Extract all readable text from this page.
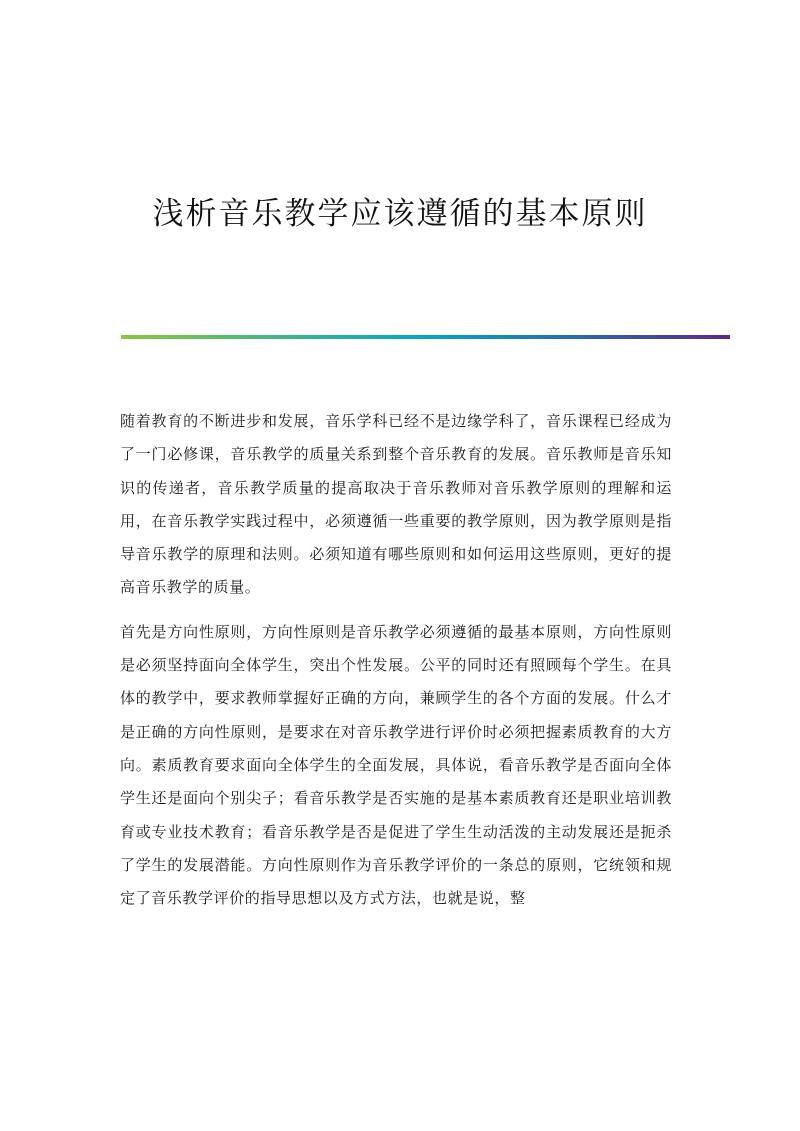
浅析音乐教学应该遵循的基本原则

随着教育的不断进步和发展，音乐学科已经不是边缘学科了，音乐课程已经成为了一门必修课，音乐教学的质量关系到整个音乐教育的发展。音乐教师是音乐知识的传递者，音乐教学质量的提高取决于音乐教师对音乐教学原则的理解和运用，在音乐教学实践过程中，必须遵循一些重要的教学原则，因为教学原则是指导音乐教学的原理和法则。必须知道有哪些原则和如何运用这些原则，更好的提高音乐教学的质量。

首先是方向性原则，方向性原则是音乐教学必须遵循的最基本原则，方向性原则是必须坚持面向全体学生，突出个性发展。公平的同时还有照顾每个学生。在具体的教学中，要求教师掌握好正确的方向，兼顾学生的各个方面的发展。什么才是正确的方向性原则，是要求在对音乐教学进行评价时必须把握素质教育的大方向。素质教育要求面向全体学生的全面发展，具体说，看音乐教学是否面向全体学生还是面向个别尖子；看音乐教学是否实施的是基本素质教育还是职业培训教育或专业技术教育；看音乐教学是否是促进了学生生动活泼的主动发展还是扼杀了学生的发展潜能。方向性原则作为音乐教学评价的一条总的原则，它统领和规定了音乐教学评价的指导思想以及方式方法，也就是说，整
